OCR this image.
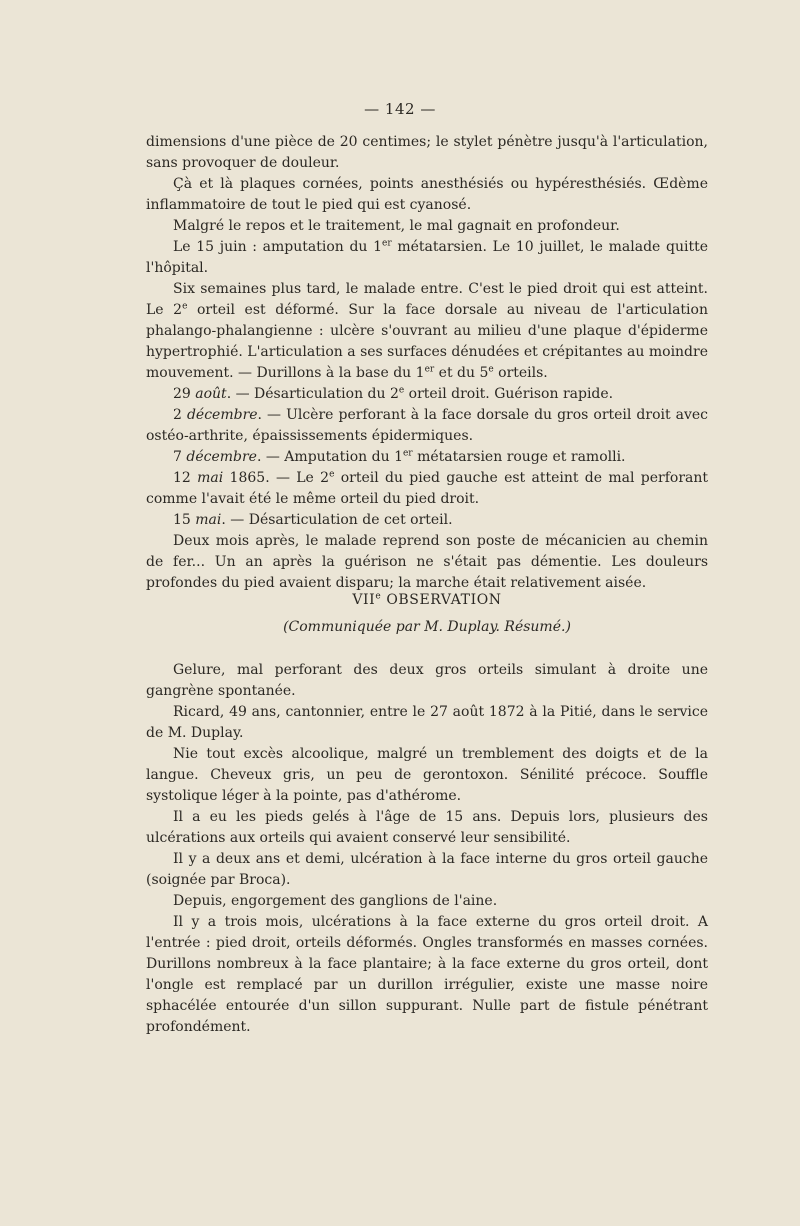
— 142 —

dimensions d'une pièce de 20 centimes; le stylet pénètre jusqu'à l'articulation, sans provoquer de douleur.

Çà et là plaques cornées, points anesthésiés ou hypéresthésiés. Œdème inflammatoire de tout le pied qui est cyanosé.

Malgré le repos et le traitement, le mal gagnait en profondeur.

Le 15 juin : amputation du 1er métatarsien. Le 10 juillet, le malade quitte l'hôpital.

Six semaines plus tard, le malade entre. C'est le pied droit qui est atteint. Le 2e orteil est déformé. Sur la face dorsale au niveau de l'articulation phalango-phalangienne : ulcère s'ouvrant au milieu d'une plaque d'épiderme hypertrophié. L'articulation a ses surfaces dénudées et crépitantes au moindre mouvement. — Durillons à la base du 1er et du 5e orteils.

29 août. — Désarticulation du 2e orteil droit. Guérison rapide.

2 décembre. — Ulcère perforant à la face dorsale du gros orteil droit avec ostéo-arthrite, épaississements épidermiques.

7 décembre. — Amputation du 1er métatarsien rouge et ramolli.

12 mai 1865. — Le 2e orteil du pied gauche est atteint de mal perforant comme l'avait été le même orteil du pied droit.

15 mai. — Désarticulation de cet orteil.

Deux mois après, le malade reprend son poste de mécanicien au chemin de fer... Un an après la guérison ne s'était pas démentie. Les douleurs profondes du pied avaient disparu; la marche était relativement aisée.

VIIe OBSERVATION
(Communiquée par M. Duplay. Résumé.)

Gelure, mal perforant des deux gros orteils simulant à droite une gangrène spontanée.

Ricard, 49 ans, cantonnier, entre le 27 août 1872 à la Pitié, dans le service de M. Duplay.

Nie tout excès alcoolique, malgré un tremblement des doigts et de la langue. Cheveux gris, un peu de gerontoxon. Sénilité précoce. Souffle systolique léger à la pointe, pas d'athérome.

Il a eu les pieds gelés à l'âge de 15 ans. Depuis lors, plusieurs des ulcérations aux orteils qui avaient conservé leur sensibilité.

Il y a deux ans et demi, ulcération à la face interne du gros orteil gauche (soignée par Broca).

Depuis, engorgement des ganglions de l'aine.

Il y a trois mois, ulcérations à la face externe du gros orteil droit. A l'entrée : pied droit, orteils déformés. Ongles transformés en masses cornées. Durillons nombreux à la face plantaire; à la face externe du gros orteil, dont l'ongle est remplacé par un durillon irrégulier, existe une masse noire sphacélée entourée d'un sillon suppurant. Nulle part de fistule pénétrant profondément.
